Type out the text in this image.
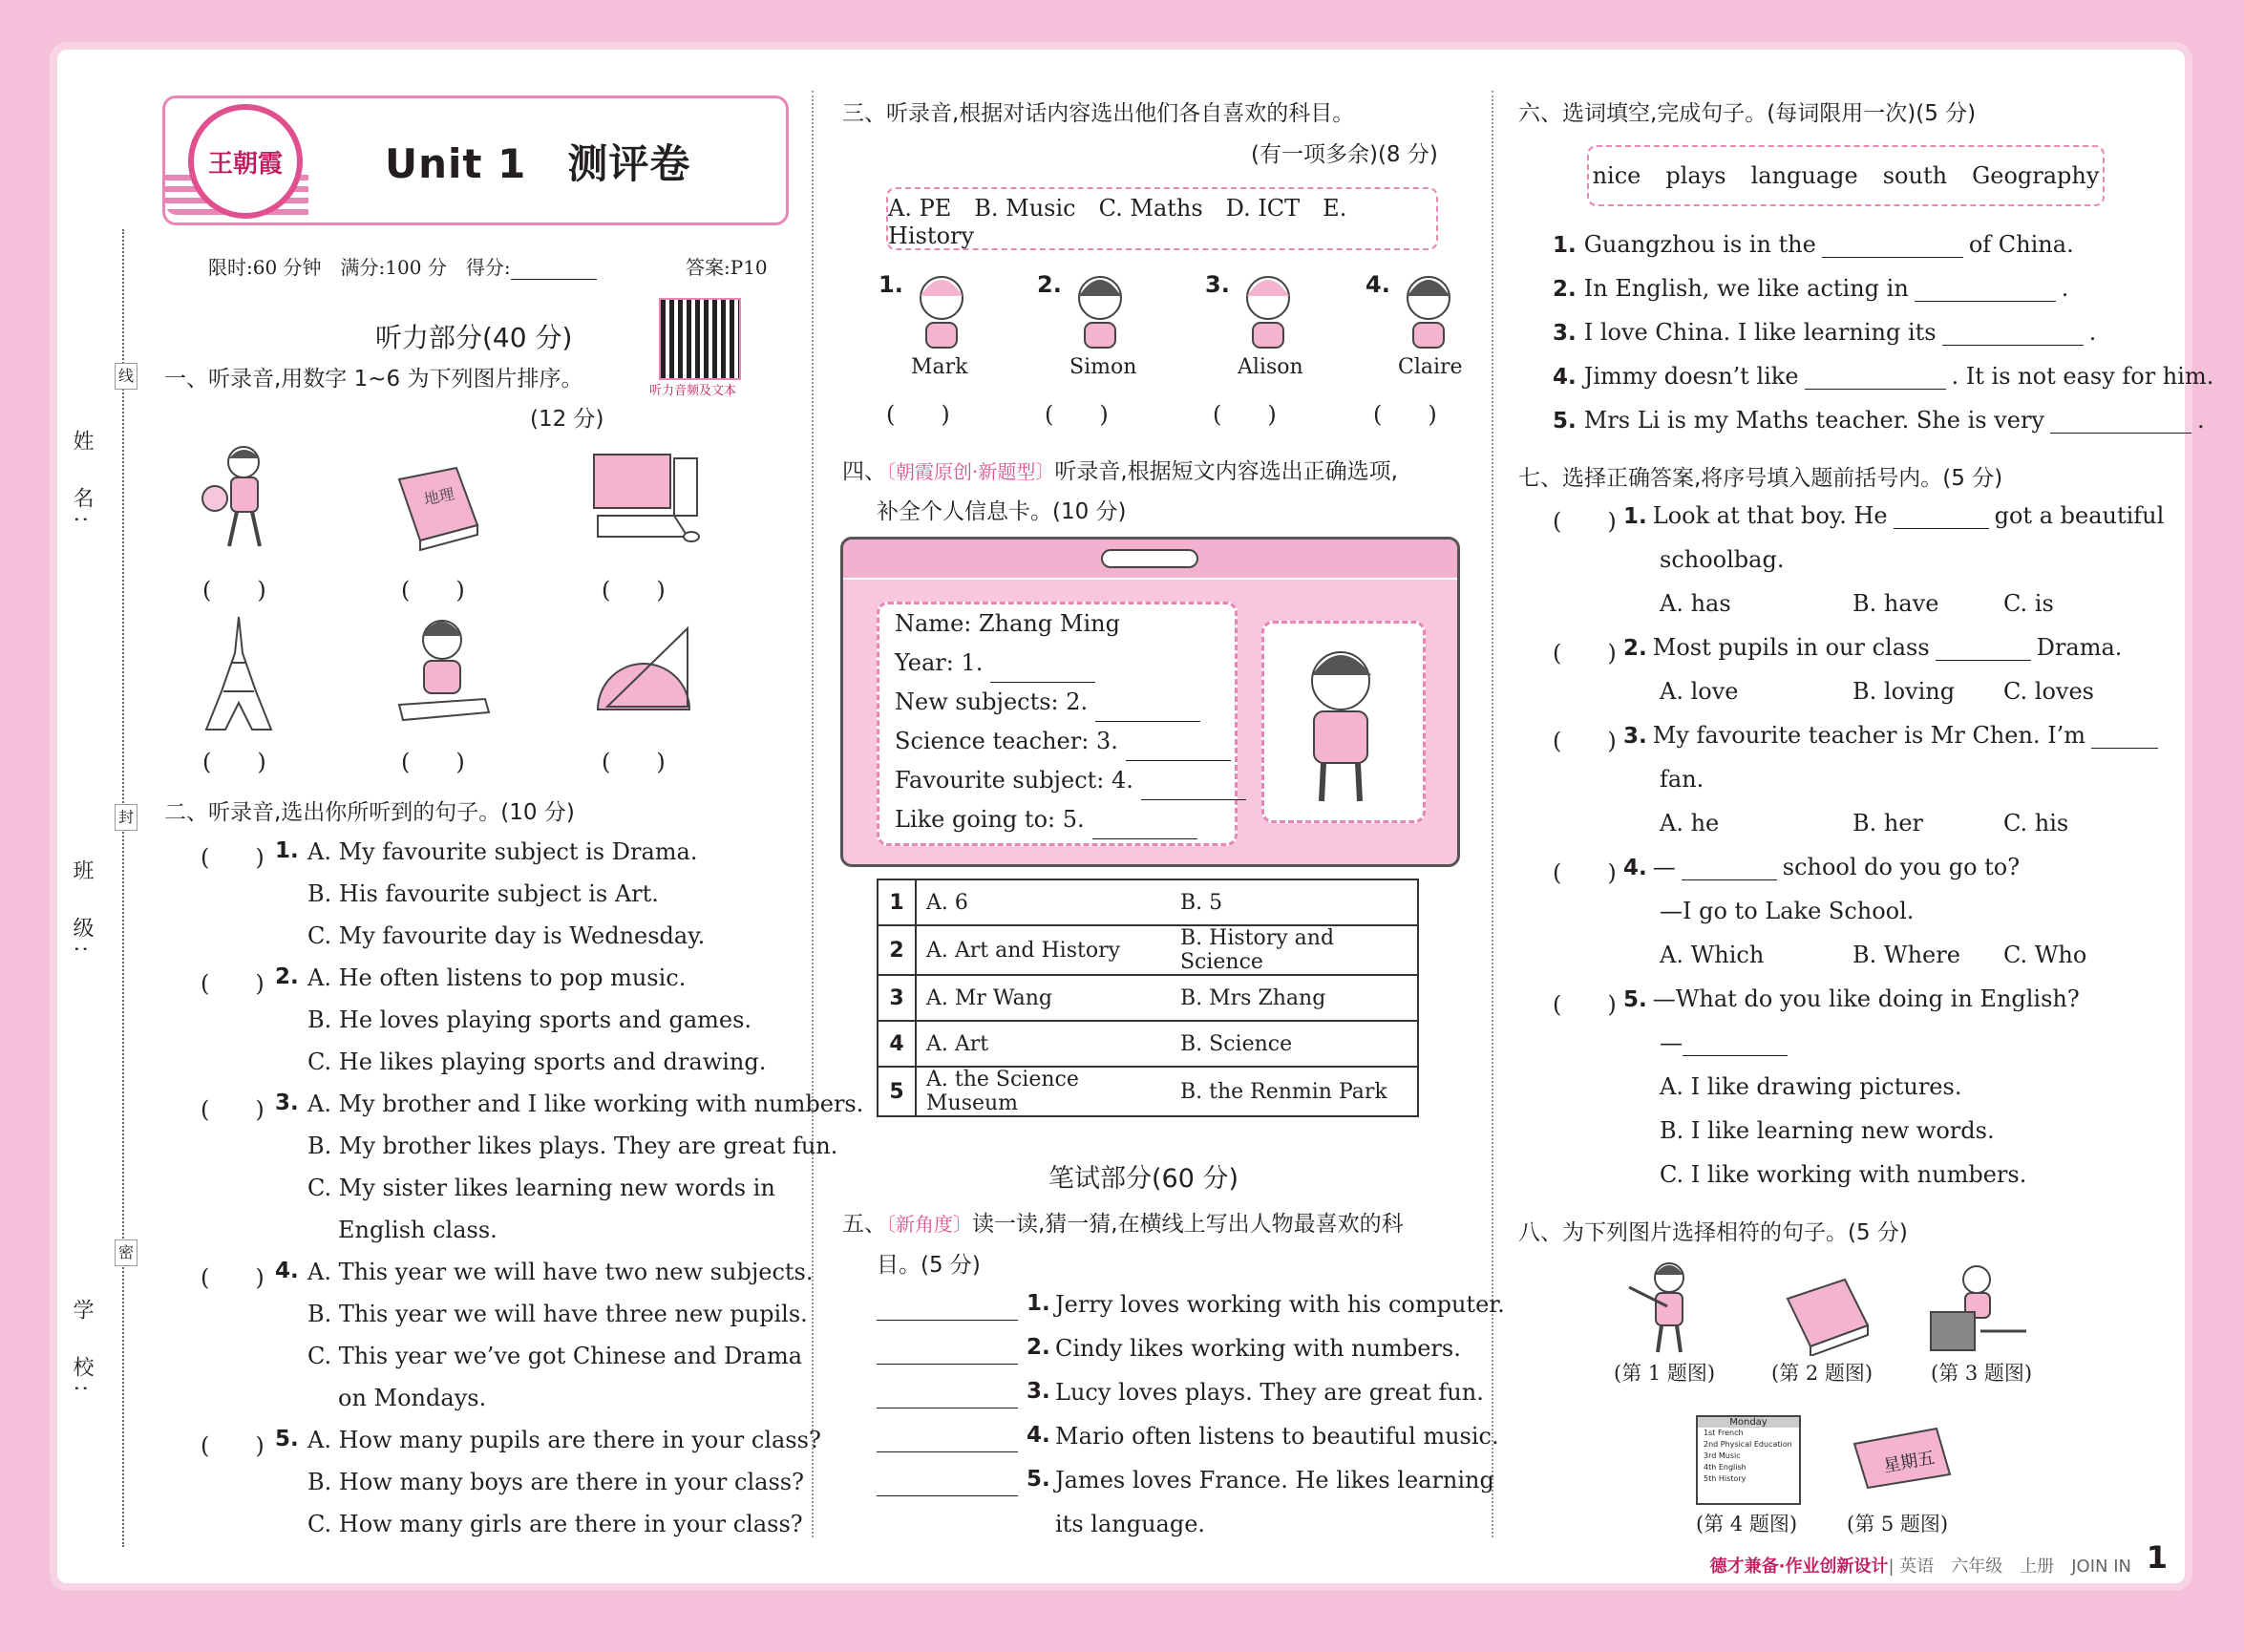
姓　名:
班　级:
学　校:
线
封
密
王朝霞	Unit 1　测评卷
限时:60 分钟　满分:100 分　得分:	答案:P10
听力音频及文本
听力部分(40 分)
一、听录音,用数字 1~6 为下列图片排序。
(12 分)
地理
(　　)	(　　)	(　　)
(　　)	(　　)	(　　)
二、听录音,选出你所听到的句子。(10 分)
(　　) 1. A. My favourite subject is Drama.
B. His favourite subject is Art.
C. My favourite day is Wednesday.
(　　) 2. A. He often listens to pop music.
B. He loves playing sports and games.
C. He likes playing sports and drawing.
(　　) 3. A. My brother and I like working with numbers.
B. My brother likes plays. They are great fun.
C. My sister likes learning new words in
English class.
(　　) 4. A. This year we will have two new subjects.
B. This year we will have three new pupils.
C. This year we’ve got Chinese and Drama
on Mondays.
(　　) 5. A. How many pupils are there in your class?
B. How many boys are there in your class?
C. How many girls are there in your class?
三、听录音,根据对话内容选出他们各自喜欢的科目。
(有一项多余)(8 分)
A. PE　B. Music　C. Maths　D. ICT　E. History
1.
Mark
(　　)
2.
Simon
(　　)
3.
Alison
(　　)
4.
Claire
(　　)
四、〔朝霞原创·新题型〕听录音,根据短文内容选出正确选项,
补全个人信息卡。(10 分)
Name: Zhang Ming
Year: 1.
New subjects: 2.
Science teacher: 3.
Favourite subject: 4.
Like going to: 5.
1	A. 6	B. 5
2	A. Art and History	B. History and Science
3	A. Mr Wang	B. Mrs Zhang
4	A. Art	B. Science
5	A. the Science Museum	B. the Renmin Park
笔试部分(60 分)
五、〔新角度〕读一读,猜一猜,在横线上写出人物最喜欢的科
目。(5 分)
1. Jerry loves working with his computer.
2. Cindy likes working with numbers.
3. Lucy loves plays. They are great fun.
4. Mario often listens to beautiful music.
5. James loves France. He likes learning
its language.
六、选词填空,完成句子。(每词限用一次)(5 分)
nice plays language south Geography
1. Guangzhou is in the	of China.
2. In English, we like acting in	.
3. I love China. I like learning its	.
4. Jimmy doesn’t like	. It is not easy for him.
5. Mrs Li is my Maths teacher. She is very	.
七、选择正确答案,将序号填入题前括号内。(5 分)
(　　) 1. Look at that boy. He	got a beautiful
schoolbag.
A. has	B. have	C. is
(　　) 2. Most pupils in our class	Drama.
A. love	B. loving C. loves
(　　) 3. My favourite teacher is Mr Chen. I’m
fan.
A. he	B. her	C. his
(　　) 4. —	school do you go to?
—I go to Lake School.
A. Which	B. Where C. Who
(　　) 5. —What do you like doing in English?
—
A. I like drawing pictures.
B. I like learning new words.
C. I like working with numbers.
八、为下列图片选择相符的句子。(5 分)
(第 1 题图)	(第 2 题图)	(第 3 题图)
Monday
1st French
2nd Physical Education
3rd Music
4th English
5th History
星期五
(第 4 题图) (第 5 题图)
德才兼备·作业创新设计| 英语　六年级　上册　JOIN IN 1
